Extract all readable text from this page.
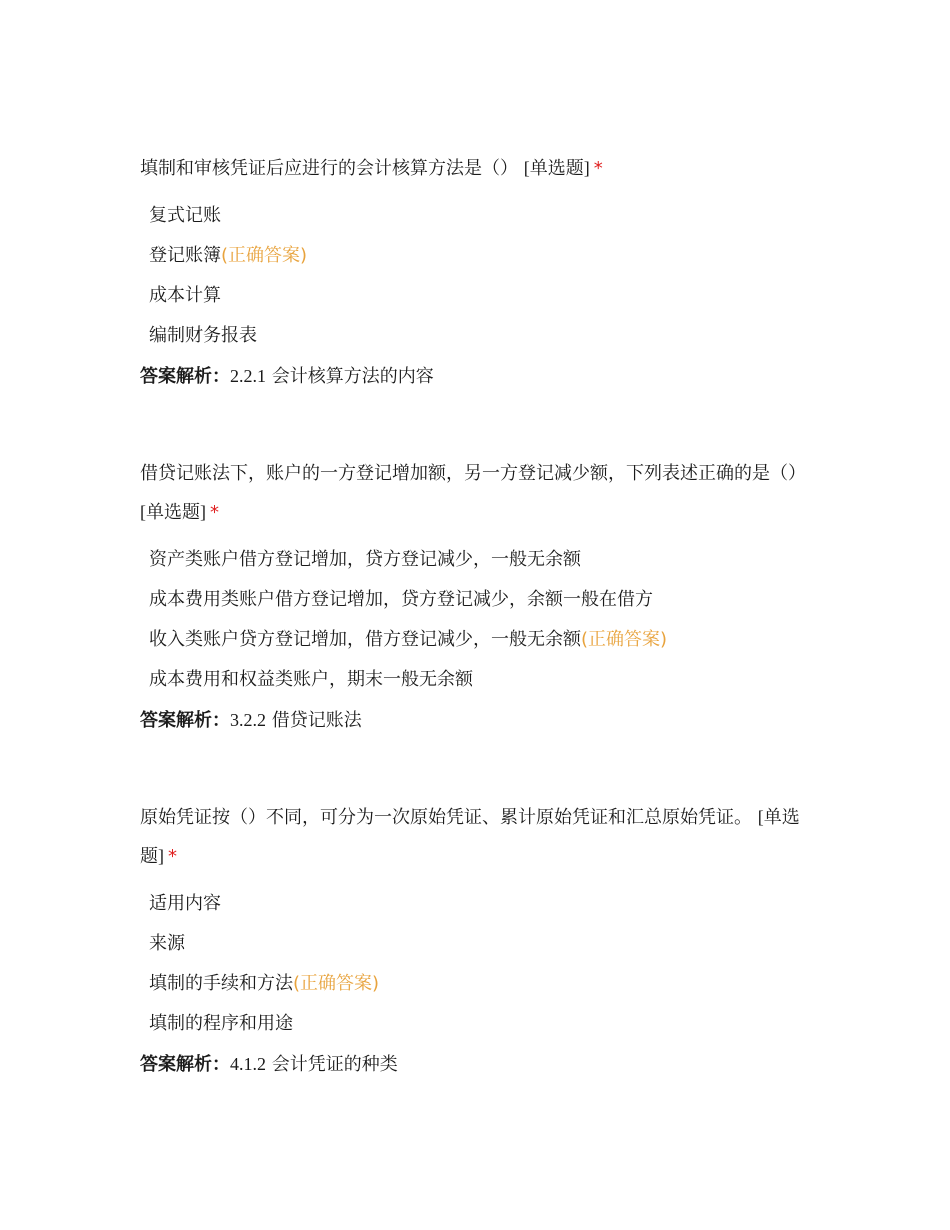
填制和审核凭证后应进行的会计核算方法是（） [单选题] *

复式记账
登记账簿(正确答案)
成本计算
编制财务报表
答案解析：2.2.1 会计核算方法的内容

借贷记账法下，账户的一方登记增加额，另一方登记减少额，下列表述正确的是（） [单选题] *

资产类账户借方登记增加，贷方登记减少，一般无余额
成本费用类账户借方登记增加，贷方登记减少，余额一般在借方
收入类账户贷方登记增加，借方登记减少，一般无余额(正确答案)
成本费用和权益类账户，期末一般无余额
答案解析：3.2.2 借贷记账法

原始凭证按（）不同，可分为一次原始凭证、累计原始凭证和汇总原始凭证。 [单选题] *

适用内容
来源
填制的手续和方法(正确答案)
填制的程序和用途
答案解析：4.1.2 会计凭证的种类
